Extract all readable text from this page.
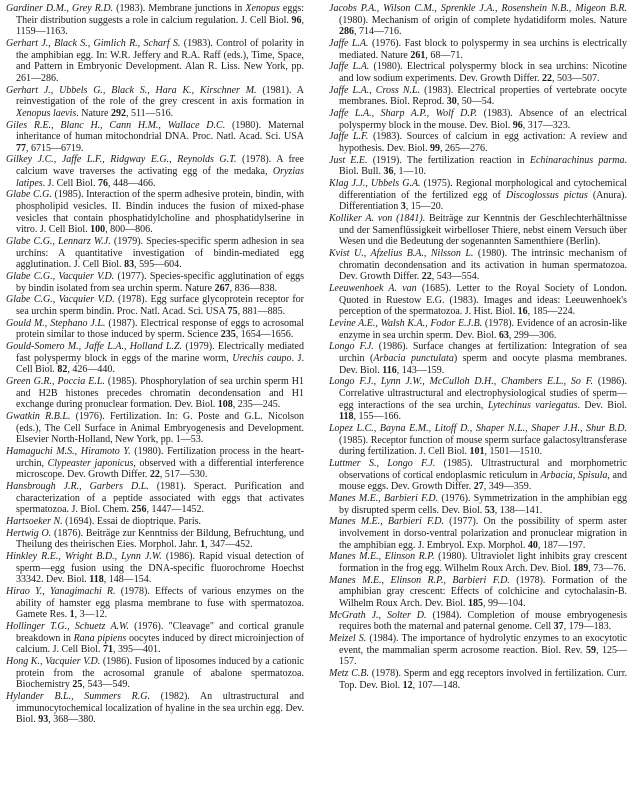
Gardiner D.M., Grey R.D. (1983). Membrane junctions in Xenopus eggs: Their distribution suggests a role in calcium regulation. J. Cell Biol. 96, 1159—1163.

Gerhart J., Black S., Gimlich R., Scharf S. (1983). Control of polarity in the amphibian egg. In: W.R. Jeffery and R.A. Raff (eds.), Time, Space, and Pattern in Embryonic Development. Alan R. Liss. New York, pp. 261—286.

Gerhart J., Ubbels G., Black S., Hara K., Kirschner M. (1981). A reinvestigation of the role of the grey crescent in axis formation in Xenopus laevis. Nature 292, 511—516.

Giles R.E., Blanc H., Cann H.M., Wallace D.C. (1980). Maternal inheritance of human mitochondrial DNA. Proc. Natl. Acad. Sci. USA 77, 6715—6719.

Gilkey J.C., Jaffe L.F., Ridgway E.G., Reynolds G.T. (1978). A free calcium wave traverses the activating egg of the medaka, Oryzias latipes. J. Cell Biol. 76, 448—466.

Glabe C.G. (1985). Interaction of the sperm adhesive protein, bindin, with phospholipid vesicles. II. Bindin induces the fusion of mixed-phase vesicles that contain phosphatidylcholine and phosphatidylserine in vitro. J. Cell Biol. 100, 800—806.

Glabe C.G., Lennarz W.J. (1979). Species-specific sperm adhesion in sea urchins: A quantitative investigation of bindin-mediated egg agglutination. J. Cell Biol. 83, 595—604.

Glabe C.G., Vacquier V.D. (1977). Species-specific agglutination of eggs by bindin isolated from sea urchin sperm. Nature 267, 836—838.

Glabe C.G., Vacquier V.D. (1978). Egg surface glycoprotein receptor for sea urchin sperm bindin. Proc. Natl. Acad. Sci. USA 75, 881—885.

Gould M., Stephano J.L. (1987). Electrical response of eggs to acrosomal protein similar to those induced by sperm. Science 235, 1654—1656.

Gould-Somero M., Jaffe L.A., Holland L.Z. (1979). Electrically mediated fast polyspermy block in eggs of the marine worm, Urechis caupo. J. Cell Biol. 82, 426—440.

Green G.R., Poccia E.L. (1985). Phosphorylation of sea urchin sperm H1 and H2B histones precedes chromatin decondensation and H1 exchange during pronuclear formation. Dev. Biol. 108, 235—245.

Gwatkin R.B.L. (1976). Fertilization. In: G. Poste and G.L. Nicolson (eds.), The Cell Surface in Animal Embryogenesis and Development. Elsevier North-Holland, New York, pp. 1—53.

Hamaguchi M.S., Hiramoto Y. (1980). Fertilization process in the heart-urchin, Clypeaster japonicus, observed with a differential interference microscope. Dev. Growth Differ. 22, 517—530.

Hansbrough J.R., Garbers D.L. (1981). Speract. Purification and characterization of a peptide associated with eggs that activates spermatozoa. J. Biol. Chem. 256, 1447—1452.

Hartsoeker N. (1694). Essai de dioptrique. Paris.

Hertwig O. (1876). Beiträge zur Kenntniss der Bildung, Befruchtung, und Theilung des theirischen Eies. Morphol. Jahr. 1, 347—452.

Hinkley R.E., Wright B.D., Lynn J.W. (1986). Rapid visual detection of sperm—egg fusion using the DNA-specific fluorochrome Hoechst 33342. Dev. Biol. 118, 148—154.

Hirao Y., Yanagimachi R. (1978). Effects of various enzymes on the ability of hamster egg plasma membrane to fuse with spermatozoa. Gamete Res. 1, 3—12.

Hollinger T.G., Schuetz A.W. (1976). "Cleavage" and cortical granule breakdown in Rana pipiens oocytes induced by direct microinjection of calcium. J. Cell Biol. 71, 395—401.

Hong K., Vacquier V.D. (1986). Fusion of liposomes induced by a cationic protein from the acrosomal granule of abalone spermatozoa. Biochemistry 25, 543—549.

Hylander B.L., Summers R.G. (1982). An ultrastructural and immunocytochemical localization of hyaline in the sea urchin egg. Dev. Biol. 93, 368—380.

Jacobs P.A., Wilson C.M., Sprenkle J.A., Rosenshein N.B., Migeon B.R. (1980). Mechanism of origin of complete hydatidiform moles. Nature 286, 714—716.

Jaffe L.A. (1976). Fast block to polyspermy in sea urchins is electrically mediated. Nature 261, 68—71.

Jaffe L.A. (1980). Electrical polyspermy block in sea urchins: Nicotine and low sodium experiments. Dev. Growth Differ. 22, 503—507.

Jaffe L.A., Cross N.L. (1983). Electrical properties of vertebrate oocyte membranes. Biol. Reprod. 30, 50—54.

Jaffe L.A., Sharp A.P., Wolf D.P. (1983). Absence of an electrical polyspermy block in the mouse. Dev. Biol. 96, 317—323.

Jaffe L.F. (1983). Sources of calcium in egg activation: A review and hypothesis. Dev. Biol. 99, 265—276.

Just E.E. (1919). The fertilization reaction in Echinarachinus parma. Biol. Bull. 36, 1—10.

Klag J.J., Ubbels G.A. (1975). Regional morphological and cytochemical differentiation of the fertilized egg of Discoglossus pictus (Anura). Differentiation 3, 15—20.

Kolliker A. von (1841). Beiträge zur Kenntnis der Geschlechterhältnisse und der Samenflüssigkeit wirbelloser Thiere, nebst einem Versuch über Wesen und die Bedeutung der sogenannten Samenthiere (Berlin).

Kvist U., Afzelius B.A., Nilsson L. (1980). The intrinsic mechanism of chromatin decondensation and its activation in human spermatozoa. Dev. Growth Differ. 22, 543—554.

Leeuwenhoek A. van (1685). Letter to the Royal Society of London. Quoted in Ruestow E.G. (1983). Images and ideas: Leeuwenhoek's perception of the spermatozoa. J. Hist. Biol. 16, 185—224.

Levine A.E., Walsh K.A., Fodor E.J.B. (1978). Evidence of an acrosin-like enzyme in sea urchin sperm. Dev. Biol. 63, 299—306.

Longo F.J. (1986). Surface changes at fertilization: Integration of sea urchin (Arbacia punctulata) sperm and oocyte plasma membranes. Dev. Biol. 116, 143—159.

Longo F.J., Lynn J.W., McCulloh D.H., Chambers E.L., So F. (1986). Correlative ultrastructural and electrophysiological studies of sperm—egg interactions of the sea urchin, Lytechinus variegatus. Dev. Biol. 118, 155—166.

Lopez L.C., Bayna E.M., Litoff D., Shaper N.L., Shaper J.H., Shur B.D. (1985). Receptor function of mouse sperm surface galactosyltransferase during fertilization. J. Cell Biol. 101, 1501—1510.

Luttmer S., Longo F.J. (1985). Ultrastructural and morphometric observations of cortical endoplasmic reticulum in Arbacia, Spisula, and mouse eggs. Dev. Growth Differ. 27, 349—359.

Manes M.E., Barbieri F.D. (1976). Symmetrization in the amphibian egg by disrupted sperm cells. Dev. Biol. 53, 138—141.

Manes M.E., Barbieri F.D. (1977). On the possibility of sperm aster involvement in dorso-ventral polarization and pronuclear migration in the amphibian egg. J. Embryol. Exp. Morphol. 40, 187—197.

Manes M.E., Elinson R.P. (1980). Ultraviolet light inhibits gray crescent formation in the frog egg. Wilhelm Roux Arch. Dev. Biol. 189, 73—76.

Manes M.E., Elinson R.P., Barbieri F.D. (1978). Formation of the amphibian gray crescent: Effects of colchicine and cytochalasin-B. Wilhelm Roux Arch. Dev. Biol. 185, 99—104.

McGrath J., Solter D. (1984). Completion of mouse embryogenesis requires both the maternal and paternal genome. Cell 37, 179—183.

Meizel S. (1984). The importance of hydrolytic enzymes to an exocytotic event, the mammalian sperm acrosome reaction. Biol. Rev. 59, 125—157.

Metz C.B. (1978). Sperm and egg receptors involved in fertilization. Curr. Top. Dev. Biol. 12, 107—148.
